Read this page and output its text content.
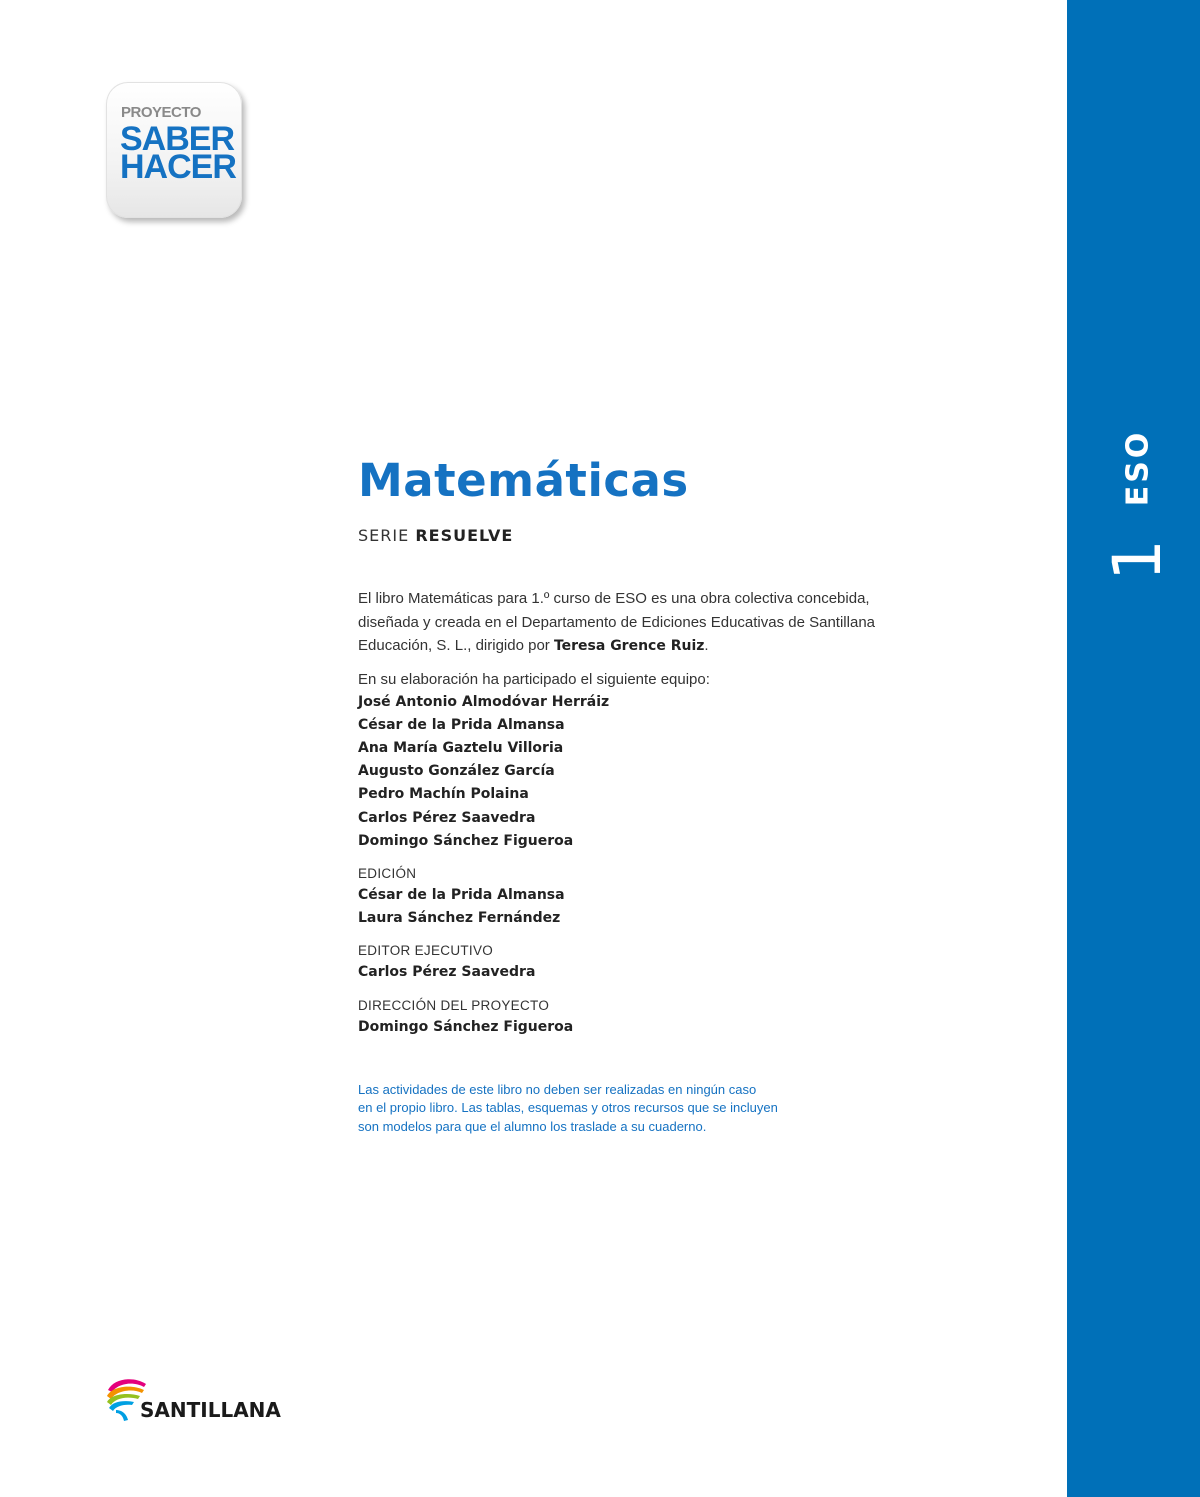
ESO
1
PROYECTO
SABER
HACER
Matemáticas
SERIE RESUELVE
El libro Matemáticas para 1.º curso de ESO es una obra colectiva concebida, diseñada y creada en el Departamento de Ediciones Educativas de Santillana Educación, S. L., dirigido por Teresa Grence Ruiz.
En su elaboración ha participado el siguiente equipo:
José Antonio Almodóvar Herráiz
César de la Prida Almansa
Ana María Gaztelu Villoria
Augusto González García
Pedro Machín Polaina
Carlos Pérez Saavedra
Domingo Sánchez Figueroa
EDICIÓN
César de la Prida Almansa
Laura Sánchez Fernández
EDITOR EJECUTIVO
Carlos Pérez Saavedra
DIRECCIÓN DEL PROYECTO
Domingo Sánchez Figueroa
Las actividades de este libro no deben ser realizadas en ningún caso
en el propio libro. Las tablas, esquemas y otros recursos que se incluyen
son modelos para que el alumno los traslade a su cuaderno.
SANTILLANA
